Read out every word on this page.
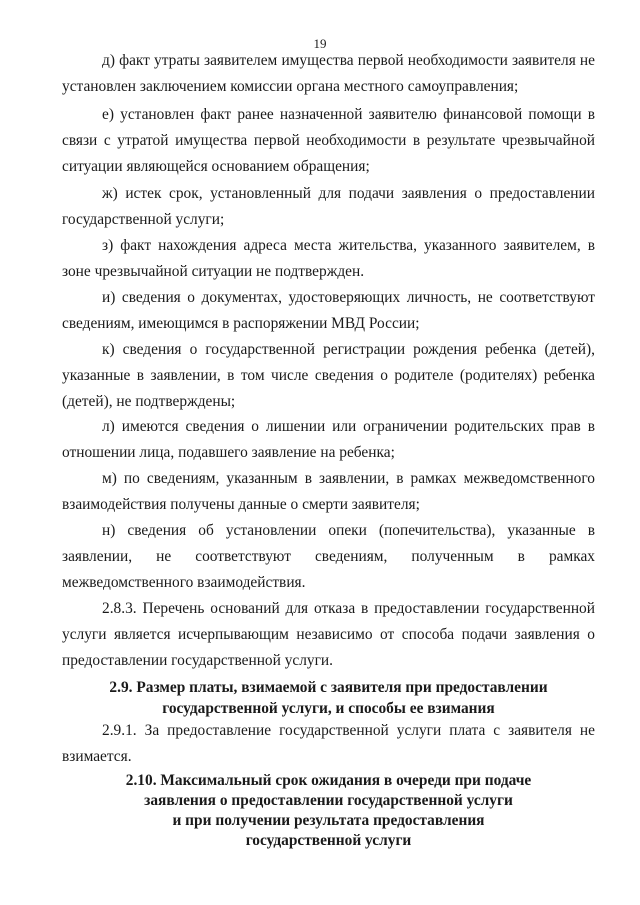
19

д) факт утраты заявителем имущества первой необходимости заявителя не установлен заключением комиссии органа местного самоуправления;

е) установлен факт ранее назначенной заявителю финансовой помощи в связи с утратой имущества первой необходимости в результате чрезвычайной ситуации являющейся основанием обращения;

ж) истек срок, установленный для подачи заявления о предоставлении государственной услуги;

з) факт нахождения адреса места жительства, указанного заявителем, в зоне чрезвычайной ситуации не подтвержден.

и) сведения о документах, удостоверяющих личность, не соответствуют сведениям, имеющимся в распоряжении МВД России;

к) сведения о государственной регистрации рождения ребенка (детей), указанные в заявлении, в том числе сведения о родителе (родителях) ребенка (детей), не подтверждены;

л) имеются сведения о лишении или ограничении родительских прав в отношении лица, подавшего заявление на ребенка;

м) по сведениям, указанным в заявлении, в рамках межведомственного взаимодействия получены данные о смерти заявителя;

н) сведения об установлении опеки (попечительства), указанные в

заявлении, не соответствуют сведениям, полученным в рамках

межведомственного взаимодействия.

2.8.3. Перечень оснований для отказа в предоставлении государственной услуги является исчерпывающим независимо от способа подачи заявления о предоставлении государственной услуги.

2.9. Размер платы, взимаемой с заявителя при предоставлении
государственной услуги, и способы ее взимания

2.9.1. За предоставление государственной услуги плата с заявителя не взимается.

2.10. Максимальный срок ожидания в очереди при подаче
заявления о предоставлении государственной услуги
и при получении результата предоставления
государственной услуги
